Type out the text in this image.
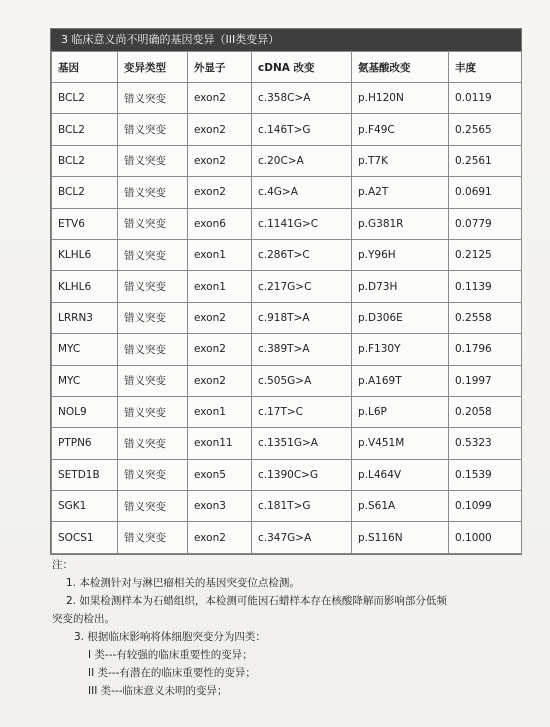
3 临床意义尚不明确的基因变异（III类变异）
基因	变异类型	外显子	cDNA 改变	氨基酸改变	丰度
BCL2	错义突变	exon2	c.358C>A	p.H120N	0.0119
BCL2	错义突变	exon2	c.146T>G	p.F49C	0.2565
BCL2	错义突变	exon2	c.20C>A	p.T7K	0.2561
BCL2	错义突变	exon2	c.4G>A	p.A2T	0.0691
ETV6	错义突变	exon6	c.1141G>C	p.G381R	0.0779
KLHL6	错义突变	exon1	c.286T>C	p.Y96H	0.2125
KLHL6	错义突变	exon1	c.217G>C	p.D73H	0.1139
LRRN3	错义突变	exon2	c.918T>A	p.D306E	0.2558
MYC	错义突变	exon2	c.389T>A	p.F130Y	0.1796
MYC	错义突变	exon2	c.505G>A	p.A169T	0.1997
NOL9	错义突变	exon1	c.17T>C	p.L6P	0.2058
PTPN6	错义突变	exon11	c.1351G>A	p.V451M	0.5323
SETD1B	错义突变	exon5	c.1390C>G	p.L464V	0.1539
SGK1	错义突变	exon3	c.181T>G	p.S61A	0.1099
SOCS1	错义突变	exon2	c.347G>A	p.S116N	0.1000

注：

1. 本检测针对与淋巴瘤相关的基因突变位点检测。

2. 如果检测样本为石蜡组织，本检测可能因石蜡样本存在核酸降解而影响部分低频

突变的检出。

3. 根据临床影响将体细胞突变分为四类：

I 类---有较强的临床重要性的变异；

II 类---有潜在的临床重要性的变异；

III 类---临床意义未明的变异；
